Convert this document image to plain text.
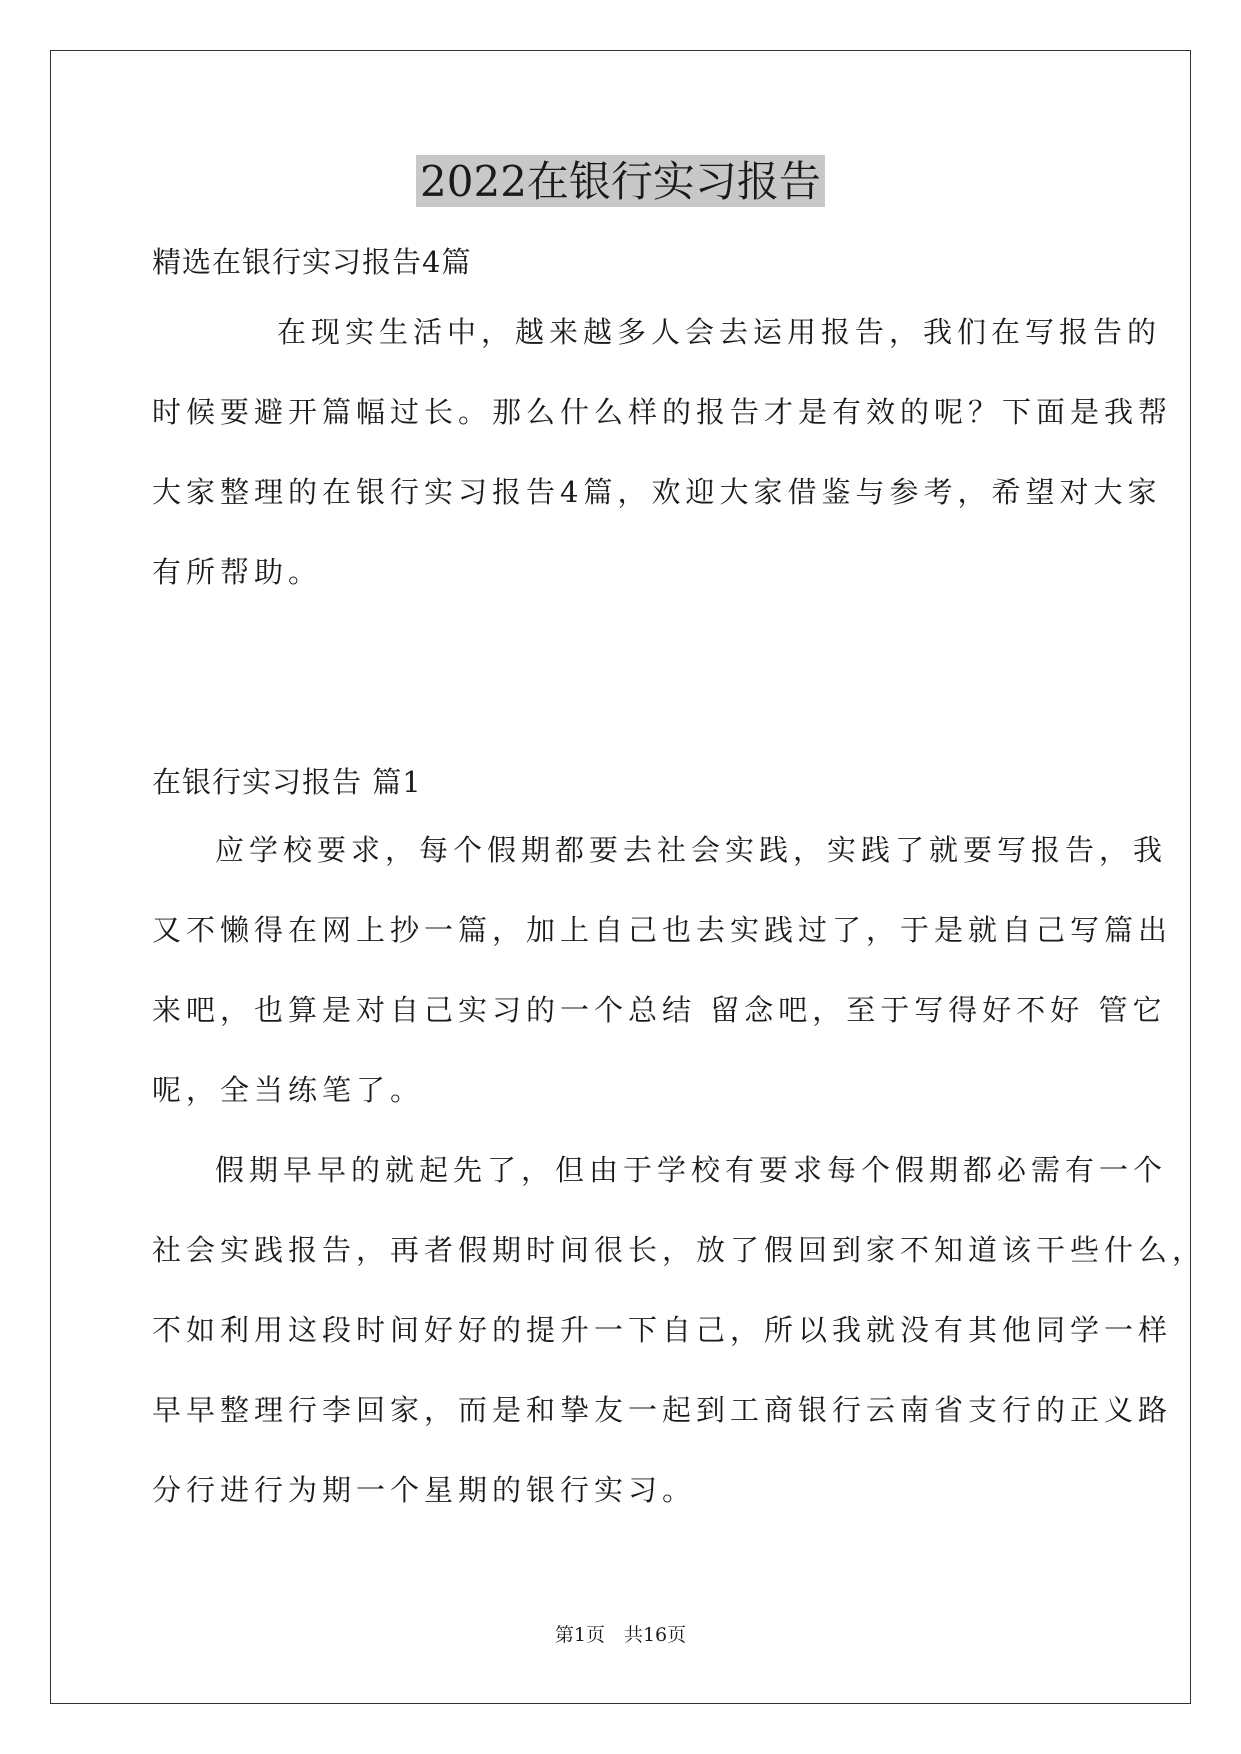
2022在银行实习报告
精选在银行实习报告4篇
在现实生活中，越来越多人会去运用报告，我们在写报告的
时候要避开篇幅过长。那么什么样的报告才是有效的呢？下面是我帮
大家整理的在银行实习报告4篇，欢迎大家借鉴与参考，希望对大家
有所帮助。
在银行实习报告 篇1
应学校要求，每个假期都要去社会实践，实践了就要写报告，我
又不懒得在网上抄一篇，加上自己也去实践过了，于是就自己写篇出
来吧，也算是对自己实习的一个总结 留念吧，至于写得好不好 管它
呢，全当练笔了。
假期早早的就起先了，但由于学校有要求每个假期都必需有一个
社会实践报告，再者假期时间很长，放了假回到家不知道该干些什么，
不如利用这段时间好好的提升一下自己，所以我就没有其他同学一样
早早整理行李回家，而是和挚友一起到工商银行云南省支行的正义路
分行进行为期一个星期的银行实习。
第1页　共16页
